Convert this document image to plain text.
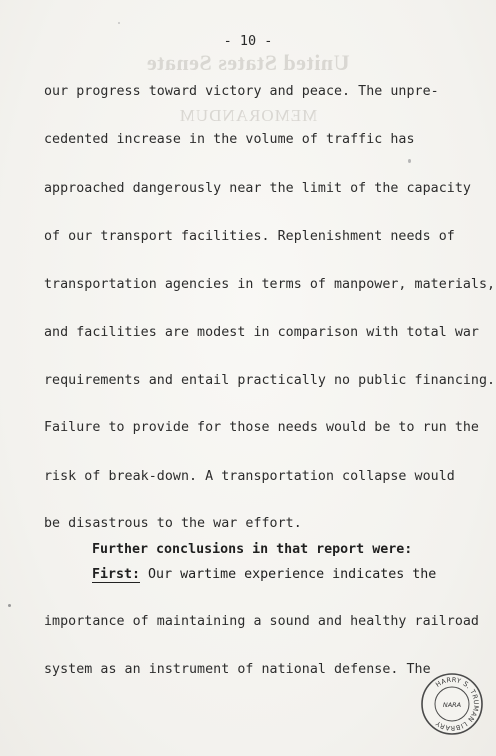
United States Senate
MEMORANDUM
- 10 -
our progress toward victory and peace. The unpre-
cedented increase in the volume of traffic has
approached dangerously near the limit of the capacity
of our transport facilities. Replenishment needs of
transportation agencies in terms of manpower, materials,
and facilities are modest in comparison with total war
requirements and entail practically no public financing.
Failure to provide for those needs would be to run the
risk of break-down. A transportation collapse would
be disastrous to the war effort.
Further conclusions in that report were:
First: Our wartime experience indicates the
importance of maintaining a sound and healthy railroad
system as an instrument of national defense. The
HARRY S. TRUMAN LIBRARY
NARA
